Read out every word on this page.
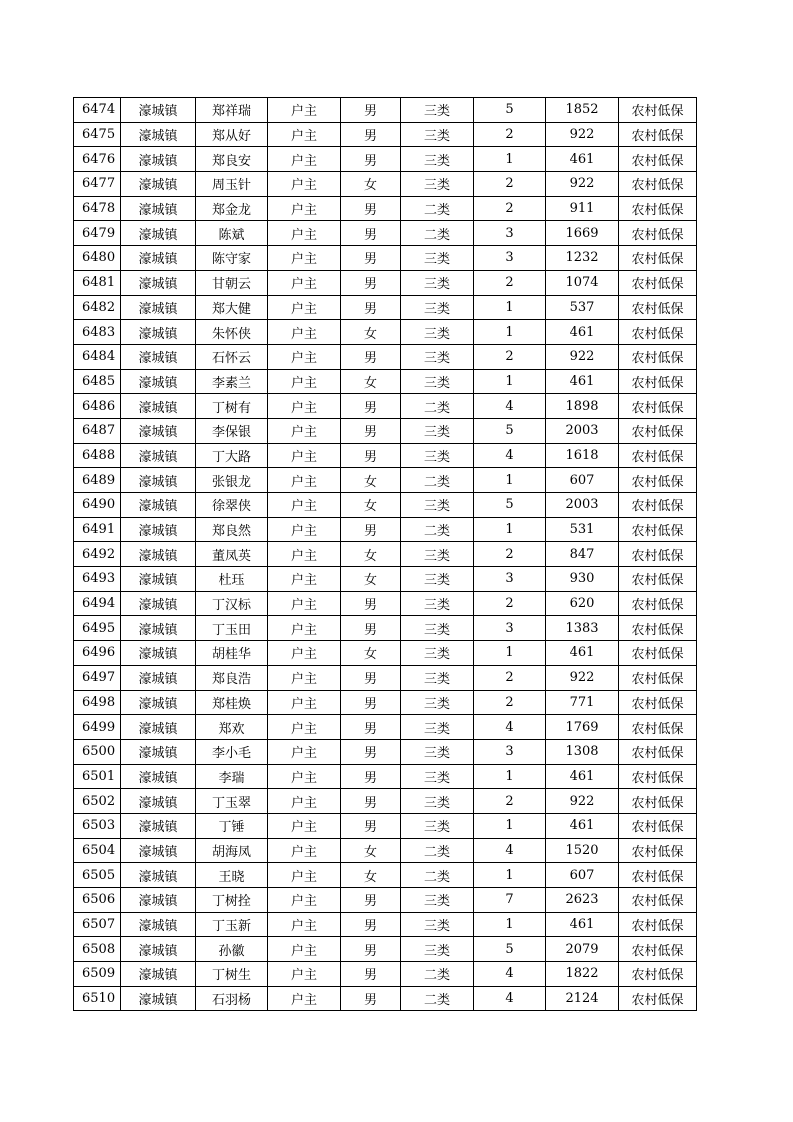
6474	濠城镇	郑祥瑞	户主	男	三类	5	1852	农村低保
6475	濠城镇	郑从好	户主	男	三类	2	922	农村低保
6476	濠城镇	郑良安	户主	男	三类	1	461	农村低保
6477	濠城镇	周玉针	户主	女	三类	2	922	农村低保
6478	濠城镇	郑金龙	户主	男	二类	2	911	农村低保
6479	濠城镇	陈斌	户主	男	二类	3	1669	农村低保
6480	濠城镇	陈守家	户主	男	三类	3	1232	农村低保
6481	濠城镇	甘朝云	户主	男	三类	2	1074	农村低保
6482	濠城镇	郑大健	户主	男	三类	1	537	农村低保
6483	濠城镇	朱怀侠	户主	女	三类	1	461	农村低保
6484	濠城镇	石怀云	户主	男	三类	2	922	农村低保
6485	濠城镇	李素兰	户主	女	三类	1	461	农村低保
6486	濠城镇	丁树有	户主	男	二类	4	1898	农村低保
6487	濠城镇	李保银	户主	男	三类	5	2003	农村低保
6488	濠城镇	丁大路	户主	男	三类	4	1618	农村低保
6489	濠城镇	张银龙	户主	女	二类	1	607	农村低保
6490	濠城镇	徐翠侠	户主	女	三类	5	2003	农村低保
6491	濠城镇	郑良然	户主	男	二类	1	531	农村低保
6492	濠城镇	董凤英	户主	女	三类	2	847	农村低保
6493	濠城镇	杜珏	户主	女	三类	3	930	农村低保
6494	濠城镇	丁汉标	户主	男	三类	2	620	农村低保
6495	濠城镇	丁玉田	户主	男	三类	3	1383	农村低保
6496	濠城镇	胡桂华	户主	女	三类	1	461	农村低保
6497	濠城镇	郑良浩	户主	男	三类	2	922	农村低保
6498	濠城镇	郑桂焕	户主	男	三类	2	771	农村低保
6499	濠城镇	郑欢	户主	男	三类	4	1769	农村低保
6500	濠城镇	李小毛	户主	男	三类	3	1308	农村低保
6501	濠城镇	李瑞	户主	男	三类	1	461	农村低保
6502	濠城镇	丁玉翠	户主	男	三类	2	922	农村低保
6503	濠城镇	丁锤	户主	男	三类	1	461	农村低保
6504	濠城镇	胡海凤	户主	女	二类	4	1520	农村低保
6505	濠城镇	王晓	户主	女	二类	1	607	农村低保
6506	濠城镇	丁树拴	户主	男	三类	7	2623	农村低保
6507	濠城镇	丁玉新	户主	男	三类	1	461	农村低保
6508	濠城镇	孙徽	户主	男	三类	5	2079	农村低保
6509	濠城镇	丁树生	户主	男	二类	4	1822	农村低保
6510	濠城镇	石羽杨	户主	男	二类	4	2124	农村低保
